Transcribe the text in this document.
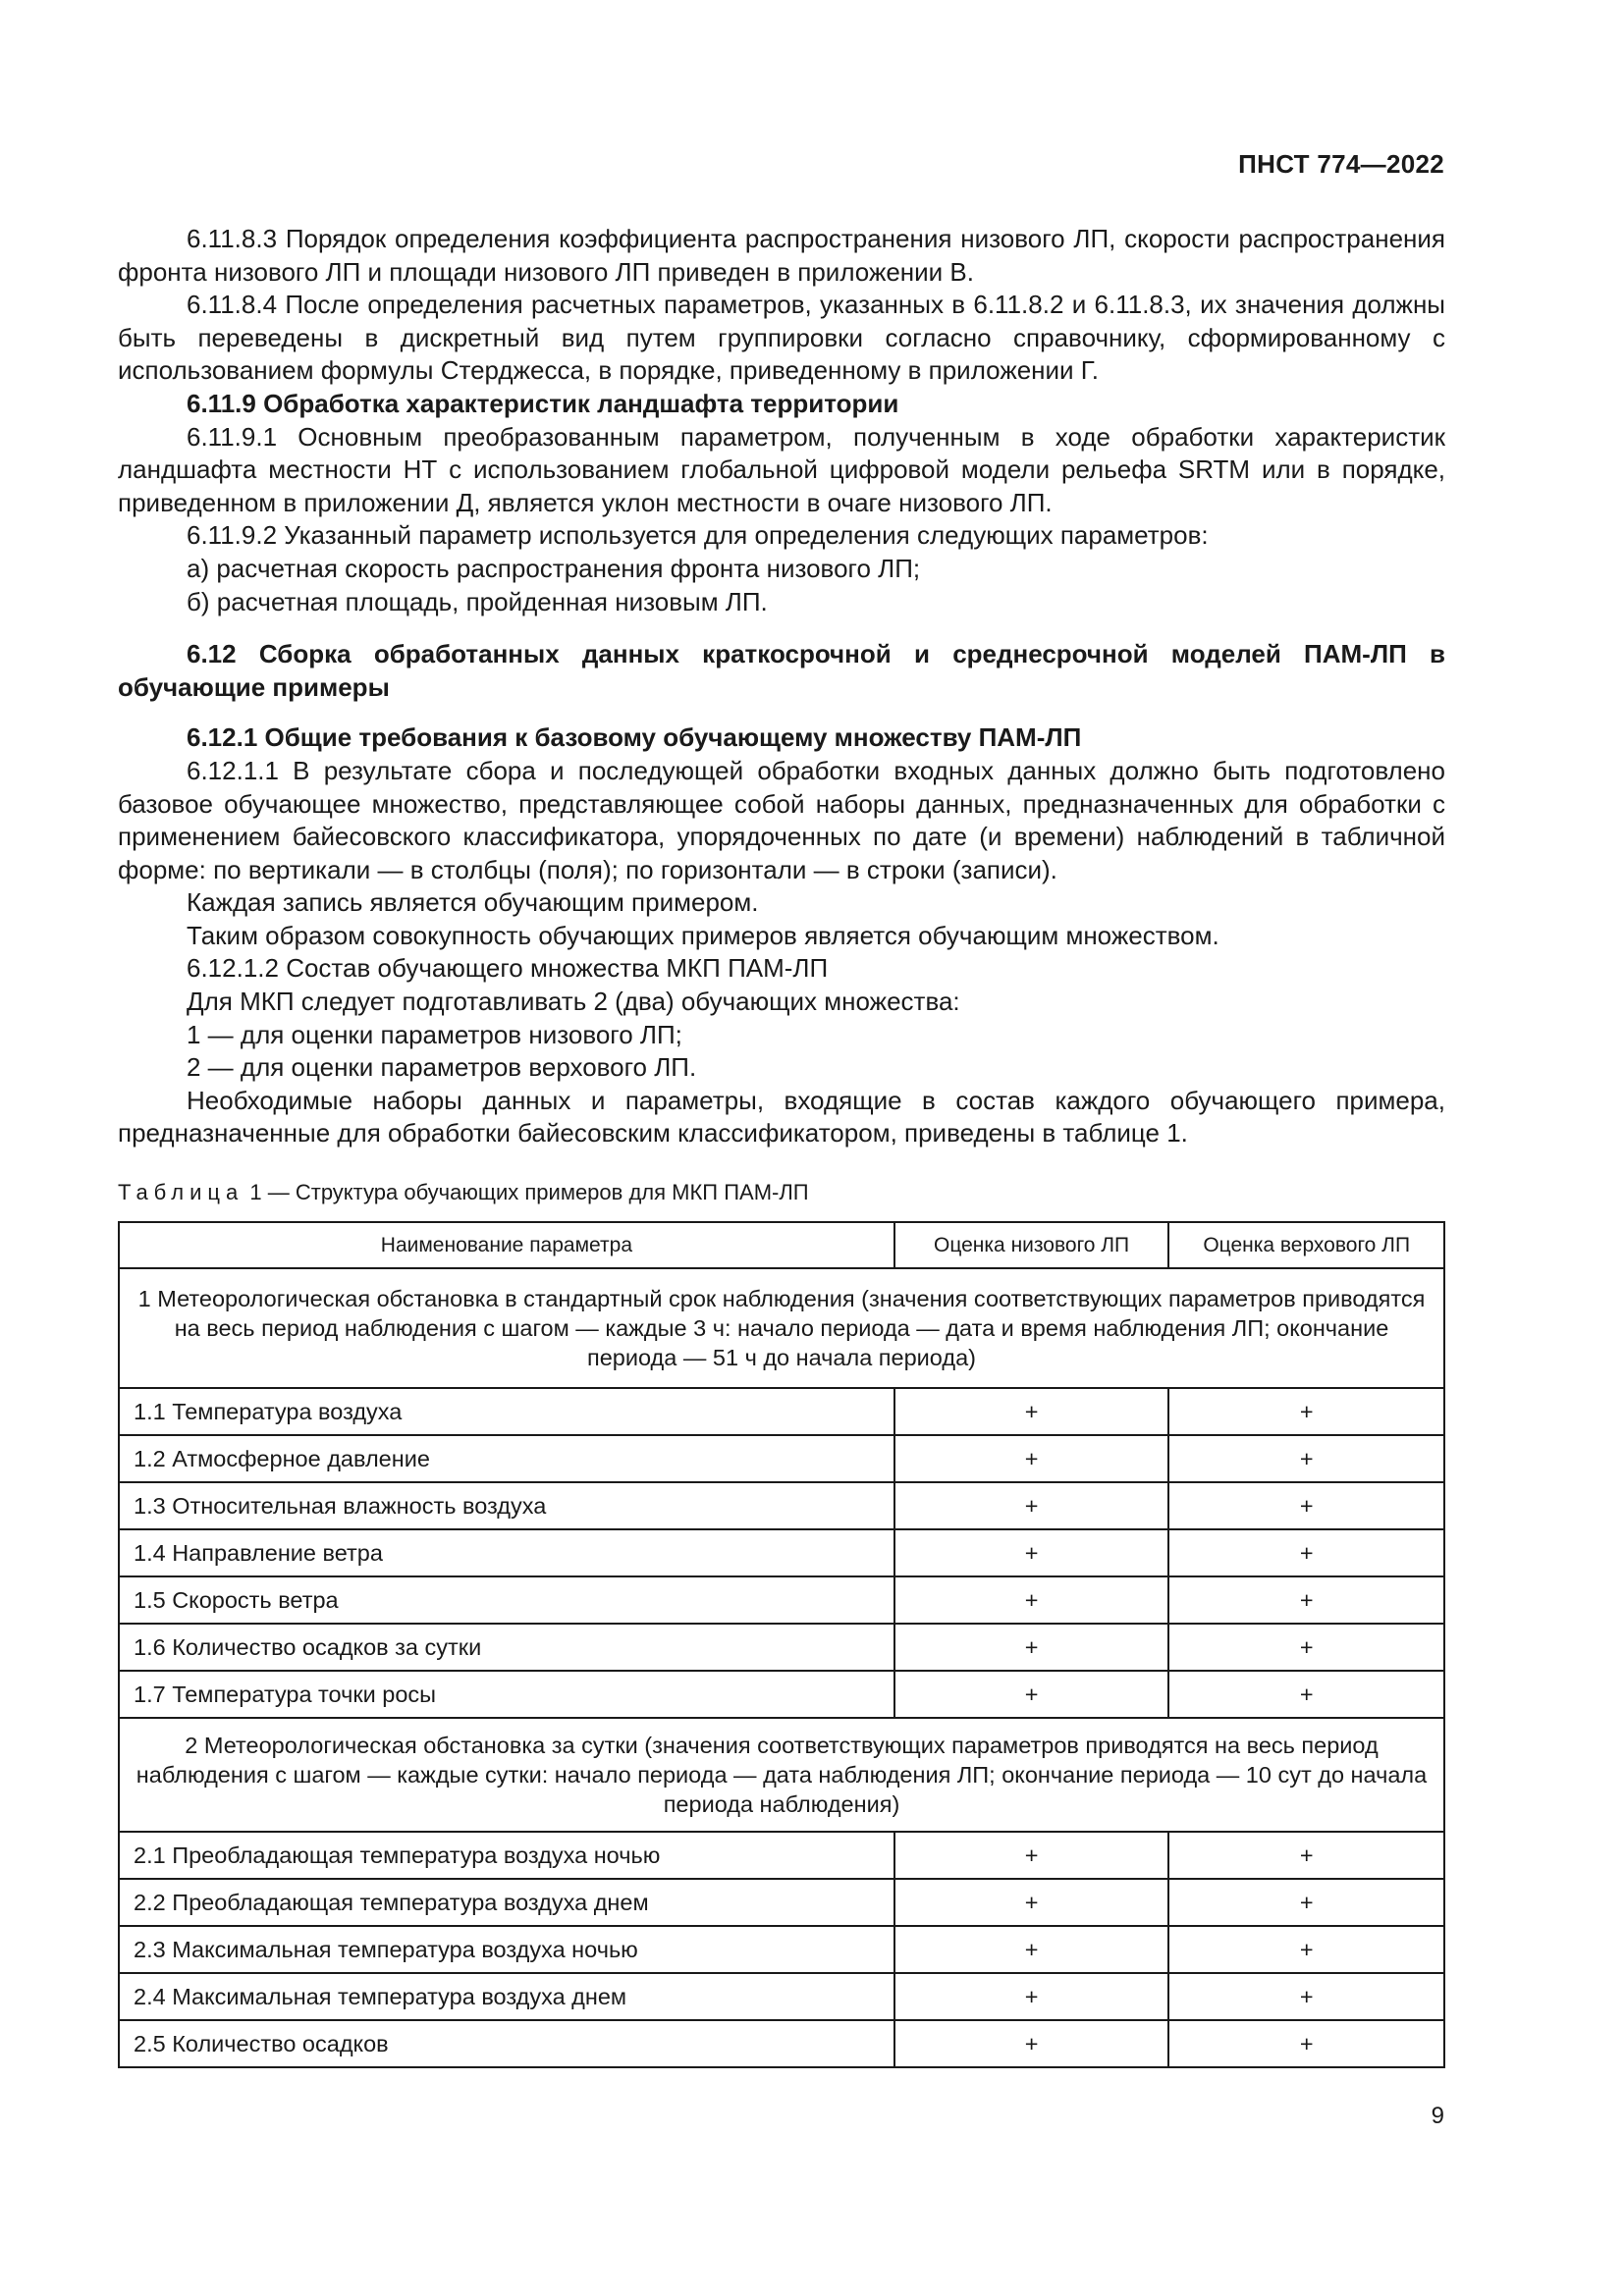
ПНСТ 774—2022

6.11.8.3 Порядок определения коэффициента распространения низового ЛП, скорости распространения фронта низового ЛП и площади низового ЛП приведен в приложении В.

6.11.8.4 После определения расчетных параметров, указанных в 6.11.8.2 и 6.11.8.3, их значения должны быть переведены в дискретный вид путем группировки согласно справочнику, сформированному с использованием формулы Стерджесса, в порядке, приведенному в приложении Г.

6.11.9 Обработка характеристик ландшафта территории

6.11.9.1 Основным преобразованным параметром, полученным в ходе обработки характеристик ландшафта местности НТ с использованием глобальной цифровой модели рельефа SRTM или в порядке, приведенном в приложении Д, является уклон местности в очаге низового ЛП.

6.11.9.2 Указанный параметр используется для определения следующих параметров:

а) расчетная скорость распространения фронта низового ЛП;

б) расчетная площадь, пройденная низовым ЛП.

6.12 Сборка обработанных данных краткосрочной и среднесрочной моделей ПАМ-ЛП в обучающие примеры

6.12.1 Общие требования к базовому обучающему множеству ПАМ-ЛП

6.12.1.1 В результате сбора и последующей обработки входных данных должно быть подготовлено базовое обучающее множество, представляющее собой наборы данных, предназначенных для обработки с применением байесовского классификатора, упорядоченных по дате (и времени) наблюдений в табличной форме: по вертикали — в столбцы (поля); по горизонтали — в строки (записи).

Каждая запись является обучающим примером.

Таким образом совокупность обучающих примеров является обучающим множеством.

6.12.1.2 Состав обучающего множества МКП ПАМ-ЛП

Для МКП следует подготавливать 2 (два) обучающих множества:

1 — для оценки параметров низового ЛП;

2 — для оценки параметров верхового ЛП.

Необходимые наборы данных и параметры, входящие в состав каждого обучающего примера, предназначенные для обработки байесовским классификатором, приведены в таблице 1.

Таблица 1 — Структура обучающих примеров для МКП ПАМ-ЛП
Наименование параметра	Оценка низового ЛП	Оценка верхового ЛП
1 Метеорологическая обстановка в стандартный срок наблюдения (значения соответствующих параметров приводятся на весь период наблюдения с шагом — каждые 3 ч: начало периода — дата и время наблюдения ЛП; окончание периода — 51 ч до начала периода)		
1.1 Температура воздуха	+	+
1.2 Атмосферное давление	+	+
1.3 Относительная влажность воздуха	+	+
1.4 Направление ветра	+	+
1.5 Скорость ветра	+	+
1.6 Количество осадков за сутки	+	+
1.7 Температура точки росы	+	+
2 Метеорологическая обстановка за сутки (значения соответствующих параметров приводятся на весь период наблюдения с шагом — каждые сутки: начало периода — дата наблюдения ЛП; окончание периода — 10 сут до начала периода наблюдения)		
2.1 Преобладающая температура воздуха ночью	+	+
2.2 Преобладающая температура воздуха днем	+	+
2.3 Максимальная температура воздуха ночью	+	+
2.4 Максимальная температура воздуха днем	+	+
2.5 Количество осадков	+	+
9
